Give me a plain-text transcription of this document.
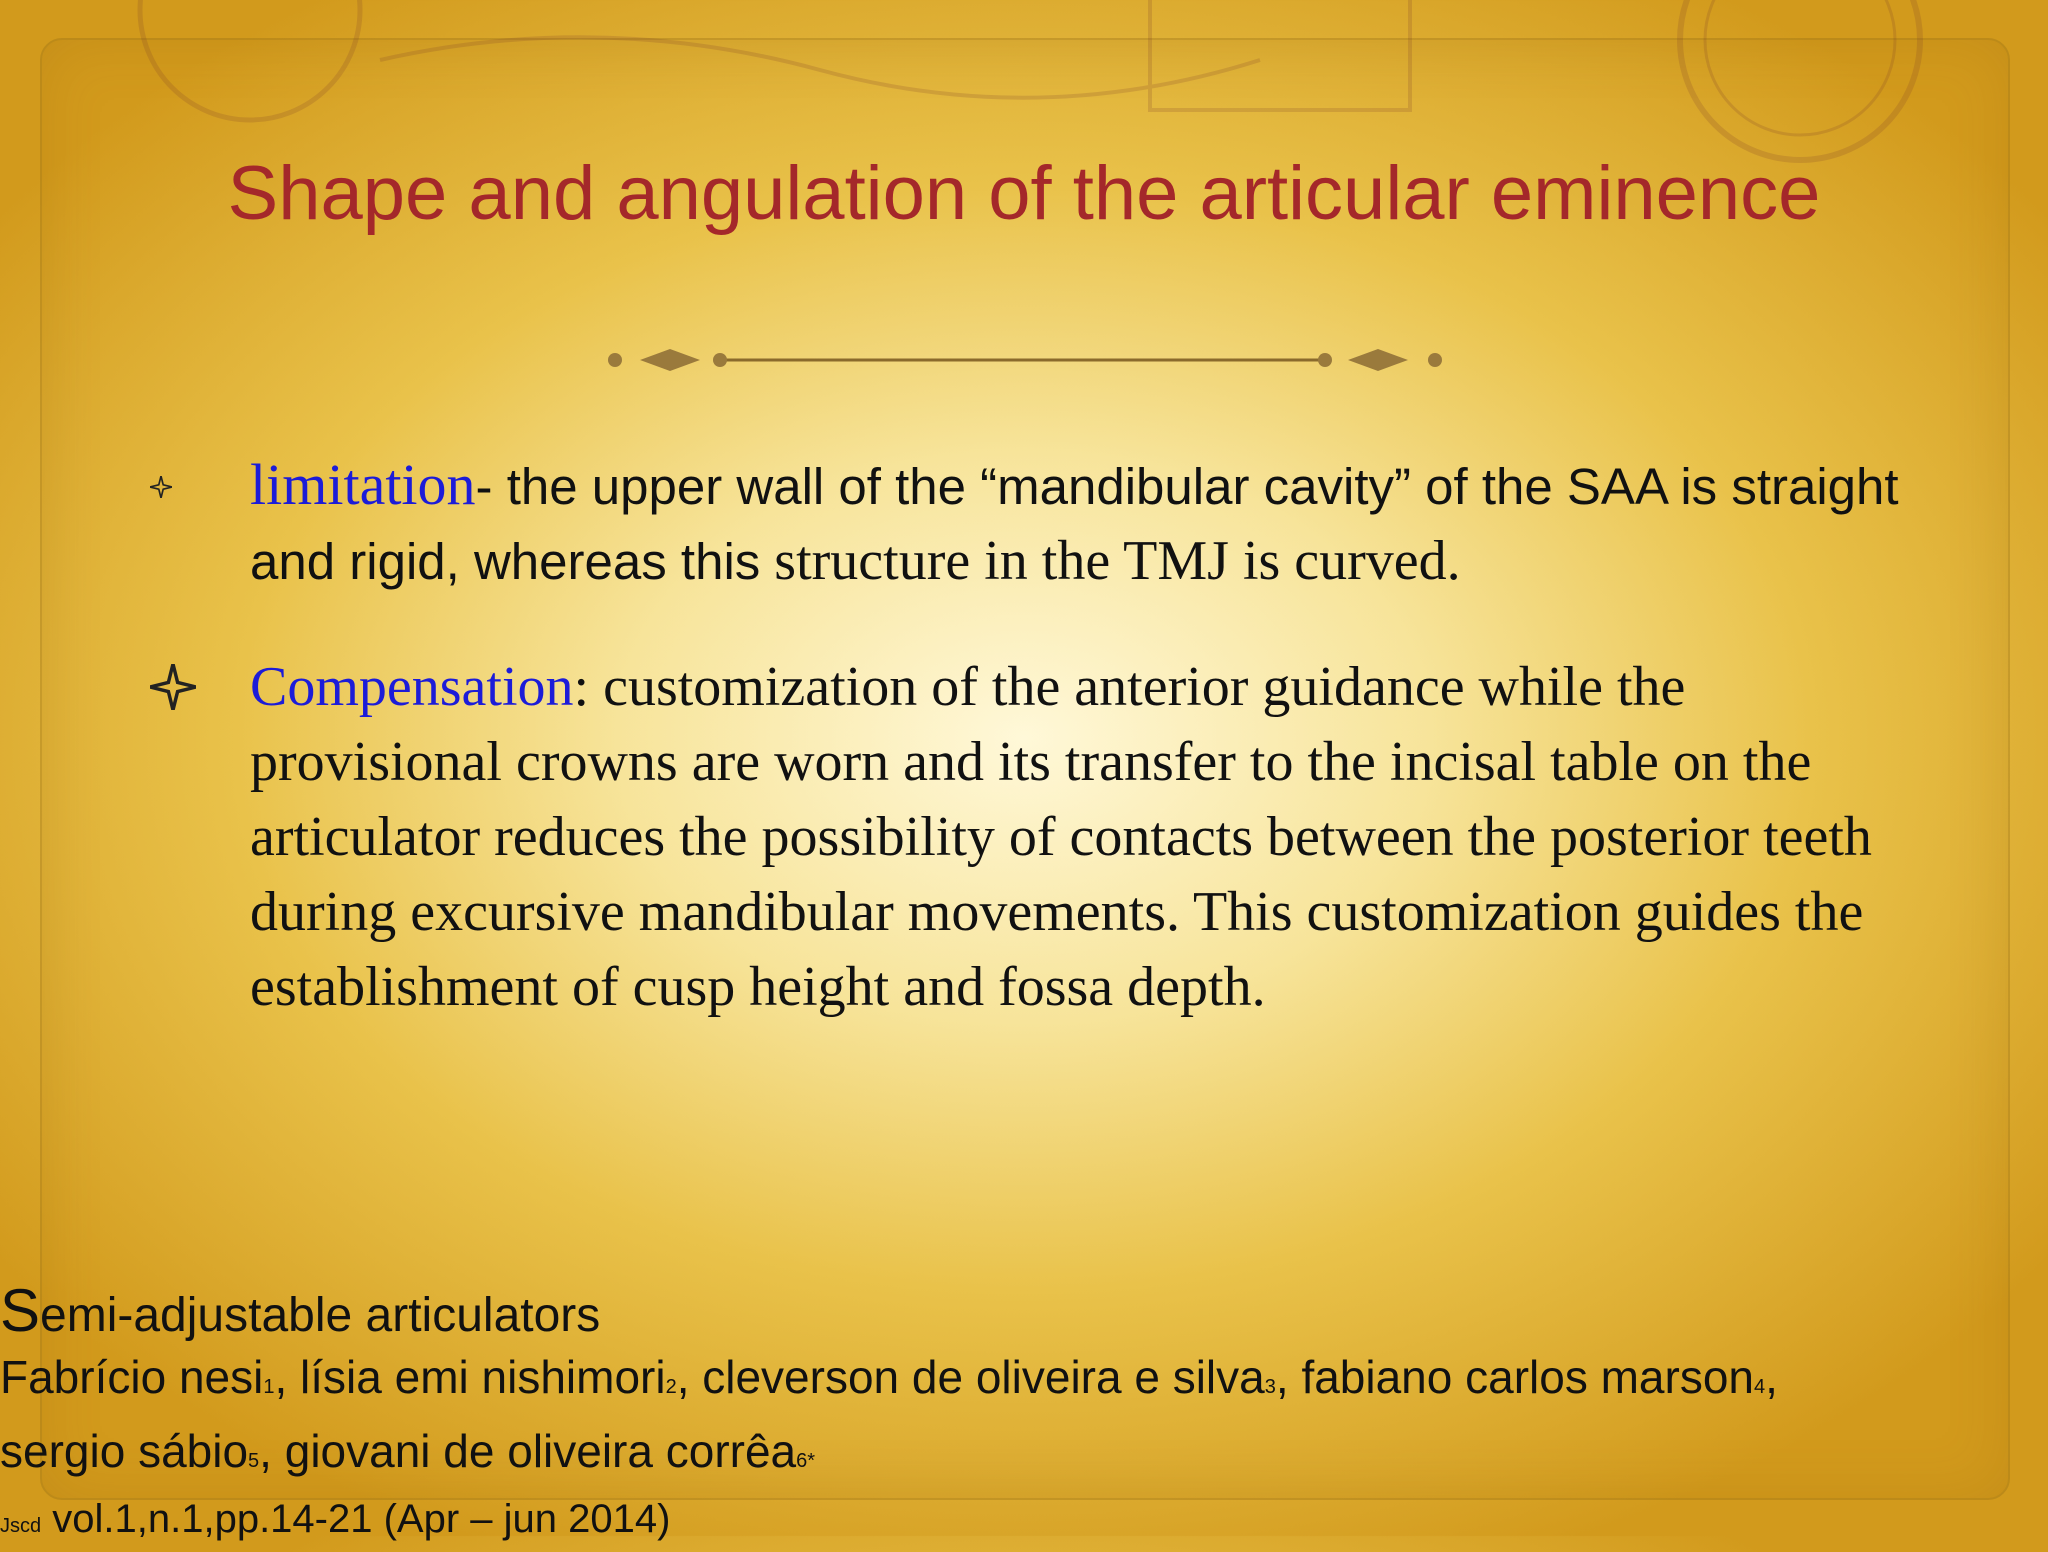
Shape and angulation of the articular eminence

limitation- the upper wall of the “mandibular cavity” of the SAA is straight and rigid, whereas this structure in the TMJ is curved.

Compensation: customization of the anterior guidance while the provisional crowns are worn and its transfer to the incisal table on the articulator reduces the possibility of contacts between the posterior teeth during excursive mandibular movements. This customization guides the establishment of cusp height and fossa depth.

Semi-adjustable articulators
Fabrício nesi1, lísia emi nishimori2, cleverson de oliveira e silva3, fabiano carlos marson4,
sergio sábio5, giovani de oliveira corrêa6*
Jscd vol.1,n.1,pp.14-21 (Apr – jun 2014)
